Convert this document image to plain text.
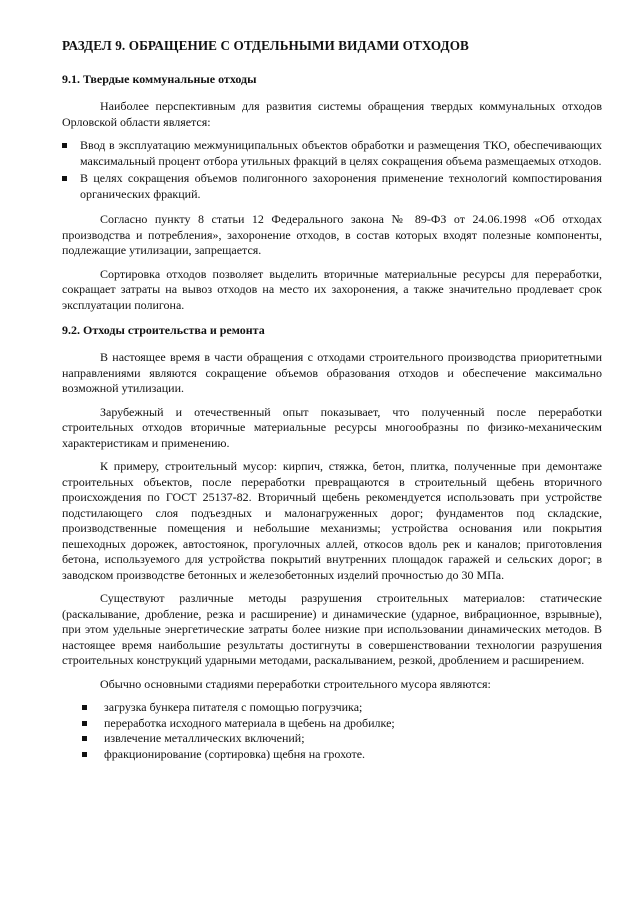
РАЗДЕЛ 9. ОБРАЩЕНИЕ С ОТДЕЛЬНЫМИ ВИДАМИ ОТХОДОВ
9.1. Твердые коммунальные отходы

Наиболее перспективным для развития системы обращения твердых коммунальных отходов Орловской области является:

Ввод в эксплуатацию межмуниципальных объектов обработки и размещения ТКО, обеспечивающих максимальный процент отбора утильных фракций в целях сокращения объема размещаемых отходов.
В целях сокращения объемов полигонного захоронения применение технологий компостирования органических фракций.

Согласно пункту 8 статьи 12 Федерального закона № 89-ФЗ от 24.06.1998 «Об отходах производства и потребления», захоронение отходов, в состав которых входят полезные компоненты, подлежащие утилизации, запрещается.

Сортировка отходов позволяет выделить вторичные материальные ресурсы для переработки, сокращает затраты на вывоз отходов на место их захоронения, а также значительно продлевает срок эксплуатации полигона.

9.2. Отходы строительства и ремонта

В настоящее время в части обращения с отходами строительного производства приоритетными направлениями являются сокращение объемов образования отходов и обеспечение максимально возможной утилизации.

Зарубежный и отечественный опыт показывает, что полученный после переработки строительных отходов вторичные материальные ресурсы многообразны по физико-механическим характеристикам и применению.

К примеру, строительный мусор: кирпич, стяжка, бетон, плитка, полученные при демонтаже строительных объектов, после переработки превращаются в строительный щебень вторичного происхождения по ГОСТ 25137-82. Вторичный щебень рекомендуется использовать при устройстве подстилающего слоя подъездных и малонагруженных дорог; фундаментов под складские, производственные помещения и небольшие механизмы; устройства основания или покрытия пешеходных дорожек, автостоянок, прогулочных аллей, откосов вдоль рек и каналов; приготовления бетона, используемого для устройства покрытий внутренних площадок гаражей и сельских дорог; в заводском производстве бетонных и железобетонных изделий прочностью до 30 МПа.

Существуют различные методы разрушения строительных материалов: статические (раскалывание, дробление, резка и расширение) и динамические (ударное, вибрационное, взрывные), при этом удельные энергетические затраты более низкие при использовании динамических методов. В настоящее время наибольшие результаты достигнуты в совершенствовании технологии разрушения строительных конструкций ударными методами, раскалыванием, резкой, дроблением и расширением.

Обычно основными стадиями переработки строительного мусора являются:

загрузка бункера питателя с помощью погрузчика;
переработка исходного материала в щебень на дробилке;
извлечение металлических включений;
фракционирование (сортировка) щебня на грохоте.
